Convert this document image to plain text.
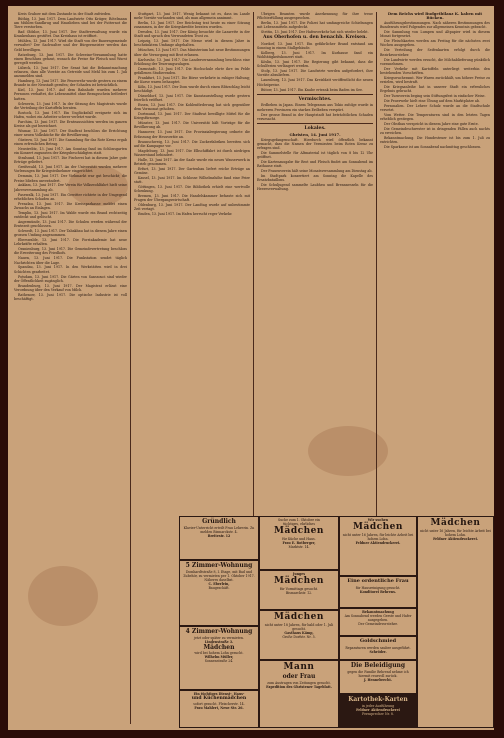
Kreis Grabow mit dem Zustande in der Stadt zufrieden.

Büthig, 13. Juni 1917. Dem Landwirte Otto Krüger, Rötelmann am Mühlen-Sandkrug und Hauslieben sind bei der Futternot die Tiere verstorben.

Bad Oldsloe, 13. Juni 1917. Der Stadtverwaltung wurde ein Krankenhaus gestiftet. Das Kreishaus ist eröffnet.

Mühlen, 13. Juni 1917. Wird die Stadt von der Bauerngemeinde verwaltet? Der Sachwalter und der Bürgermeister werden das Geld bewilligen.

Ratzeburg, 13. Juni 1917. Die Schweine-Versammlung hatte einen Beschluss gefasst, wonach die Preise für Fleisch und Wurst geregelt werden.

Lübeck, 13. Juni 1917. Der Senat hat die Bekanntmachung erlassen, dass alle Vorräte an Getreide und Mehl bis zum 1. Juli anzumelden sind.

Hamburg, 13. Juni 1917. Die Feuerwehr wurde gestern zu einem Brande in der Neustadt gerufen; der Schaden ist beträchtlich.

Kiel, 13. Juni 1917. Auf dem Bahnhofe wurden mehrere Personen verhaftet, die Lebensmittel ohne Bezugsschein befördert hatten.

Schwerin, 13. Juni 1917. In der Sitzung des Magistrats wurde die Verteilung der Kartoffeln beraten.

Rostock, 13. Juni 1917. Ein Unglücksfall ereignete sich im Hafen, wobei ein Arbeiter schwer verletzt wurde.

Parchim, 13. Juni 1917. Die Ernteaussichten werden im ganzen Kreise als gut bezeichnet.

Wismar, 13. Juni 1917. Der Stadtrat beschloss die Errichtung einer neuen Volksküche für die Bevölkerung.

Güstrow, 13. Juni 1917. Die Sammlung für das Rote Kreuz ergab einen erfreulichen Betrag.

Neustrelitz, 13. Juni 1917. Am Sonntag fand im Schlossgarten ein Konzert zugunsten der Kriegsbeschädigten statt.

Stralsund, 13. Juni 1917. Die Fischerei hat in diesem Jahre gute Erträge geliefert.

Greifswald, 13. Juni 1917. An der Universität wurden mehrere Vorlesungen für Kriegsteilnehmer eingerichtet.

Demmin, 13. Juni 1917. Der Viehmarkt war gut beschickt; die Preise blieben unverändert.

Anklam, 13. Juni 1917. Der Verein für Volkswohlfahrt hielt seine Jahresversammlung ab.

Pasewalk, 13. Juni 1917. Ein Gewitter richtete in der Umgegend erheblichen Schaden an.

Prenzlau, 13. Juni 1917. Die Kreissparkasse meldet einen Zuwachs an Einlagen.

Templin, 13. Juni 1917. Im Walde wurde ein Brand rechtzeitig entdeckt und gelöscht.

Angermünde, 13. Juni 1917. Die Schulen werden während der Erntezeit geschlossen.

Schwedt, 13. Juni 1917. Der Tabakbau hat in diesem Jahre einen grossen Umfang angenommen.

Eberswalde, 13. Juni 1917. Die Forstakademie hat neue Lehrkräfte erhalten.

Oranienburg, 13. Juni 1917. Die Gemeindevertretung beschloss die Erweiterung des Friedhofs.

Nauen, 13. Juni 1917. Die Funkstation sendet täglich Nachrichten über die Lage.

Spandau, 13. Juni 1917. In den Werkstätten wird in drei Schichten gearbeitet.

Potsdam, 13. Juni 1917. Die Gärten von Sanssouci sind wieder der Öffentlichkeit zugänglich.

Brandenburg, 13. Juni 1917. Der Magistrat erlässt eine Verordnung über den Verkauf von Milch.

Rathenow, 13. Juni 1917. Die optische Industrie ist voll beschäftigt.

Stuttgart, 13. Juni 1917. Wenig bekannt ist es, dass im Lande mehr Vorräte vorhanden sind, als man allgemein annimmt.

Berlin, 13. Juni 1917. Der Reichstag trat heute zu einer Sitzung zusammen, in der die Kriegskredite beraten wurden.

Dresden, 13. Juni 1917. Der König besuchte die Lazarette in der Stadt und sprach den Verwundeten Trost zu.

Leipzig, 13. Juni 1917. Die Messe wird in diesem Jahre in beschränktem Umfange abgehalten.

München, 13. Juni 1917. Das Ministerium hat neue Bestimmungen über die Versorgung mit Brot erlassen.

Karlsruhe, 13. Juni 1917. Die Landesversammlung beschloss eine Erhöhung der Teuerungszulagen.

Darmstadt, 13. Juni 1917. Die Hochschule ehrte ihre im Felde gefallenen Studierenden.

Frankfurt, 13. Juni 1917. Die Börse verkehrte in ruhiger Haltung; die Kurse waren behauptet.

Köln, 13. Juni 1917. Der Dom wurde durch einen Blitzschlag leicht beschädigt.

Düsseldorf, 13. Juni 1917. Die Kunstausstellung wurde gestern feierlich eröffnet.

Essen, 13. Juni 1917. Die Kohlenförderung hat sich gegenüber dem Vormonat gehoben.

Dortmund, 13. Juni 1917. Der Stadtrat bewilligte Mittel für die Kriegsfürsorge.

Münster, 13. Juni 1917. Die Universität hält Vorträge für die Bevölkerung ab.

Hannover, 13. Juni 1917. Die Provinzialregierung ordnete die Erfassung der Heuvorräte an.

Braunschweig, 13. Juni 1917. Die Zuckerfabriken bereiten sich auf die Kampagne vor.

Magdeburg, 13. Juni 1917. Die Elbschiffahrt ist durch niedrigen Wasserstand behindert.

Halle, 13. Juni 1917. An der Saale wurde ein neues Wasserwerk in Betrieb genommen.

Erfurt, 13. Juni 1917. Der Gartenbau liefert reiche Erträge an Gemüse.

Kassel, 13. Juni 1917. Im Schlosse Wilhelmshöhe fand eine Feier statt.

Göttingen, 13. Juni 1917. Die Bibliothek erhielt eine wertvolle Schenkung.

Bremen, 13. Juni 1917. Die Handelskammer befasste sich mit Fragen der Übergangswirtschaft.

Oldenburg, 13. Juni 1917. Der Landtag wurde auf unbestimmte Zeit vertagt.

Emden, 13. Juni 1917. Im Hafen herrscht reger Verkehr.

Übrigen Beamten wurde Anerkennung für ihre treue Pflichterfüllung ausgesprochen.

Berlin, 13. Juni 1917. Die Polizei hat umfangreiche Schiebungen mit Lebensmitteln aufgedeckt.

Stettin, 13. Juni 1917. Der Hafenverkehr hat sich wieder belebt.

Aus Oberhofen u. den benachb. Kreisen.

Nordorf, 13. Juni 1917. Ein gefährlicher Brand entstand am Sonntag in einem Stallgebäude.

Kolberg, 13. Juni 1917. Im Kurhause fand ein Wohltätigkeitskonzert statt.

Köslin, 13. Juni 1917. Die Regierung gibt bekannt, dass die Schulferien verlängert werden.

Stolp, 13. Juni 1917. Die Landwirte werden aufgefordert, ihre Vorräte abzuliefern.

Lauenburg, 13. Juni 1917. Das Kreisblatt veröffentlicht die neuen Höchstpreise.

Bütow, 13. Juni 1917. Ein Knabe ertrank beim Baden im See.

Vermischtes.

Erdbeben in Japan. Einem Telegramm aus Tokio zufolge wurde in mehreren Provinzen ein starkes Erdbeben verspürt.

Der grosse Brand in der Hauptstadt hat beträchtlichen Schaden verursacht.

Lokales.

Ghristen, 14. Juni 1917.

Kriegsgefangenschaft. Hierdurch wird öffentlich bekannt gemacht, dass die Namen der Vermissten beim Roten Kreuz zu erfragen sind.

Die Sammelstelle für Altmaterial ist täglich von 8 bis 12 Uhr geöffnet.

Die Kartenausgabe für Brot und Fleisch findet am Sonnabend im Rathause statt.

Der Frauenverein hält seine Monatsversammlung am Dienstag ab.

Im Stadtpark konzertiert am Sonntag die Kapelle des Ersatzbataillons.

Die Schuljugend sammelte Laubheu und Brennnesseln für die Heeresverwaltung.

Dem Reichs wird Budgetbilanz K. kaben mit Rücken.

Ausführungsbestimmungen. Nach näheren Bestimmungen des Bundesrats wird Folgendes zur allgemeinen Kenntnis gebracht.

Die Sammlung von Lumpen und Altpapier wird in diesem Monat fortgesetzt.

Die Fleischkarten werden am Freitag für die nächsten zwei Wochen ausgegeben.

Die Verteilung der Seifenkarten erfolgt durch die Bezirksvorsteher.

Die Landwirte werden ersucht, die Milchablieferung pünktlich vorzunehmen.

Der Verkehr mit Kartoffeln unterliegt weiterhin den bestehenden Vorschriften.

Kriegswucheramt. Wer Waren zurückhält, um höhere Preise zu erzielen, wird bestraft.

Die Kriegsanleihe hat in unserer Stadt ein erfreuliches Ergebnis gebracht.

Der Turnverein beging sein Stiftungsfest in einfacher Weise.

Die Feuerwehr hielt eine Übung auf dem Marktplatze ab.

Personalien. Der Lehrer Schulz wurde an die Stadtschule versetzt.

Vom Wetter. Die Temperaturen sind in den letzten Tagen erheblich gestiegen.

Der Obstbau verspricht in diesem Jahre eine gute Ernte.

Die Gemeindeschwester ist in dringenden Fällen auch nachts zu erreichen.

Bekanntmachung. Die Hundesteuer ist bis zum 1. Juli zu entrichten.

Die Sparkasse ist am Sonnabend nachmittag geschlossen.

Gründlich
Klavier-Unterricht erteilt Frau Lehrerin. Zu melden Bismarckstr. 4.
Breitestr. 12
5 Zimmer-Wohnung
Domhardtstraße 8, I. Etage, mit Bad und Zubehör, zu vermieten per 1. Oktober 1917.
Näheres daselbst.
C. Eberlein,
Baugeschäft.
4 Zimmer-Wohnung
jetzt oder später zu vermieten.
Lindenstraße 3.
Mädchen
wird bei hohem Lohn gesucht.
Wilhelm Müller,
Sonnenstraße 24.
Ein tüchtiges Dienst-, Haus-
und Küchenmädchen
sofort gesucht. Fleischerstr. 14.
Frau Mahlert, Neue Str. 26.
Suche zum 1. Oktober ein
tüchtiges, ehrliches
Mädchen
für Küche und Haus.
Frau E. Rotberger,
Marktstr. 14.
Junges
Mädchen
für Vormittags gesucht.
Bismarckstr. 12.
Mädchen
nicht unter 18 Jahren, für bald oder 1. Juli gesucht.
Gasthaus Kämp,
Große Dorfstr. Nr. 5.
Mann
oder Frau
zum Austragen von Zeitungen gesucht.
Expedition des Ghristener Tageblatt.
Wir suchen
Mädchen
nicht unter 16 Jahren, für leichte Arbeit bei hohem Lohn.
Feldner Aktiendruckerei.
Eine ordentliche Frau
für Hausreinigung gesucht.
Konditorei Behrens.
Bekanntmachung
Am Sonnabend werden Gerste und Hafer ausgegeben.
Der Gemeindevorsteher.
Goldschmied
Reparaturen werden sauber ausgeführt.
Schröder.
Die Beleidigung
gegen die Familie Behrend nehme ich hiermit reuevoll zurück.
J. Hennebrecht.
Kartothek-Karten
in jeder Ausführung
Feldner Aktiendruckerei
Fernsprecher Nr. 8.
Mädchen
nicht unter 16 Jahren, für leichte Arbeit bei hohem Lohn.
Feldner Aktiendruckerei.
